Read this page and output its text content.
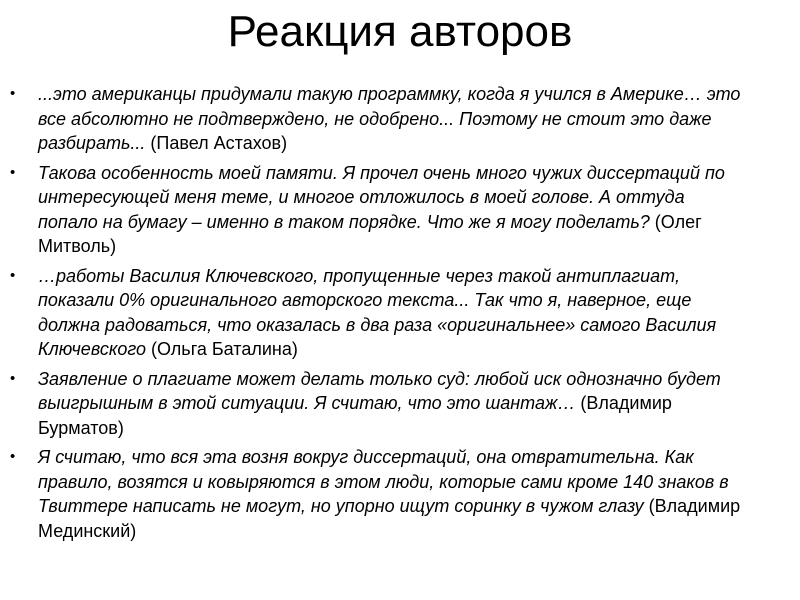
Реакция авторов
• ...это американцы придумали такую программку, когда я учился в Америке… это все абсолютно не подтверждено, не одобрено... Поэтому не стоит это даже разбирать... (Павел Астахов)
• Такова особенность моей памяти. Я прочел очень много чужих диссертаций по интересующей меня теме, и многое отложилось в моей голове. А оттуда попало на бумагу – именно в таком порядке. Что же я могу поделать? (Олег Митволь)
• …работы Василия Ключевского, пропущенные через такой антиплагиат, показали 0% оригинального авторского текста... Так что я, наверное, еще должна радоваться, что оказалась в два раза «оригинальнее» самого Василия Ключевского (Ольга Баталина)
• Заявление о плагиате может делать только суд: любой иск однозначно будет выигрышным в этой ситуации. Я считаю, что это шантаж… (Владимир Бурматов)
• Я считаю, что вся эта возня вокруг диссертаций, она отвратительна. Как правило, возятся и ковыряются в этом люди, которые сами кроме 140 знаков в Твиттере написать не могут, но упорно ищут соринку в чужом глазу (Владимир Мединский)
